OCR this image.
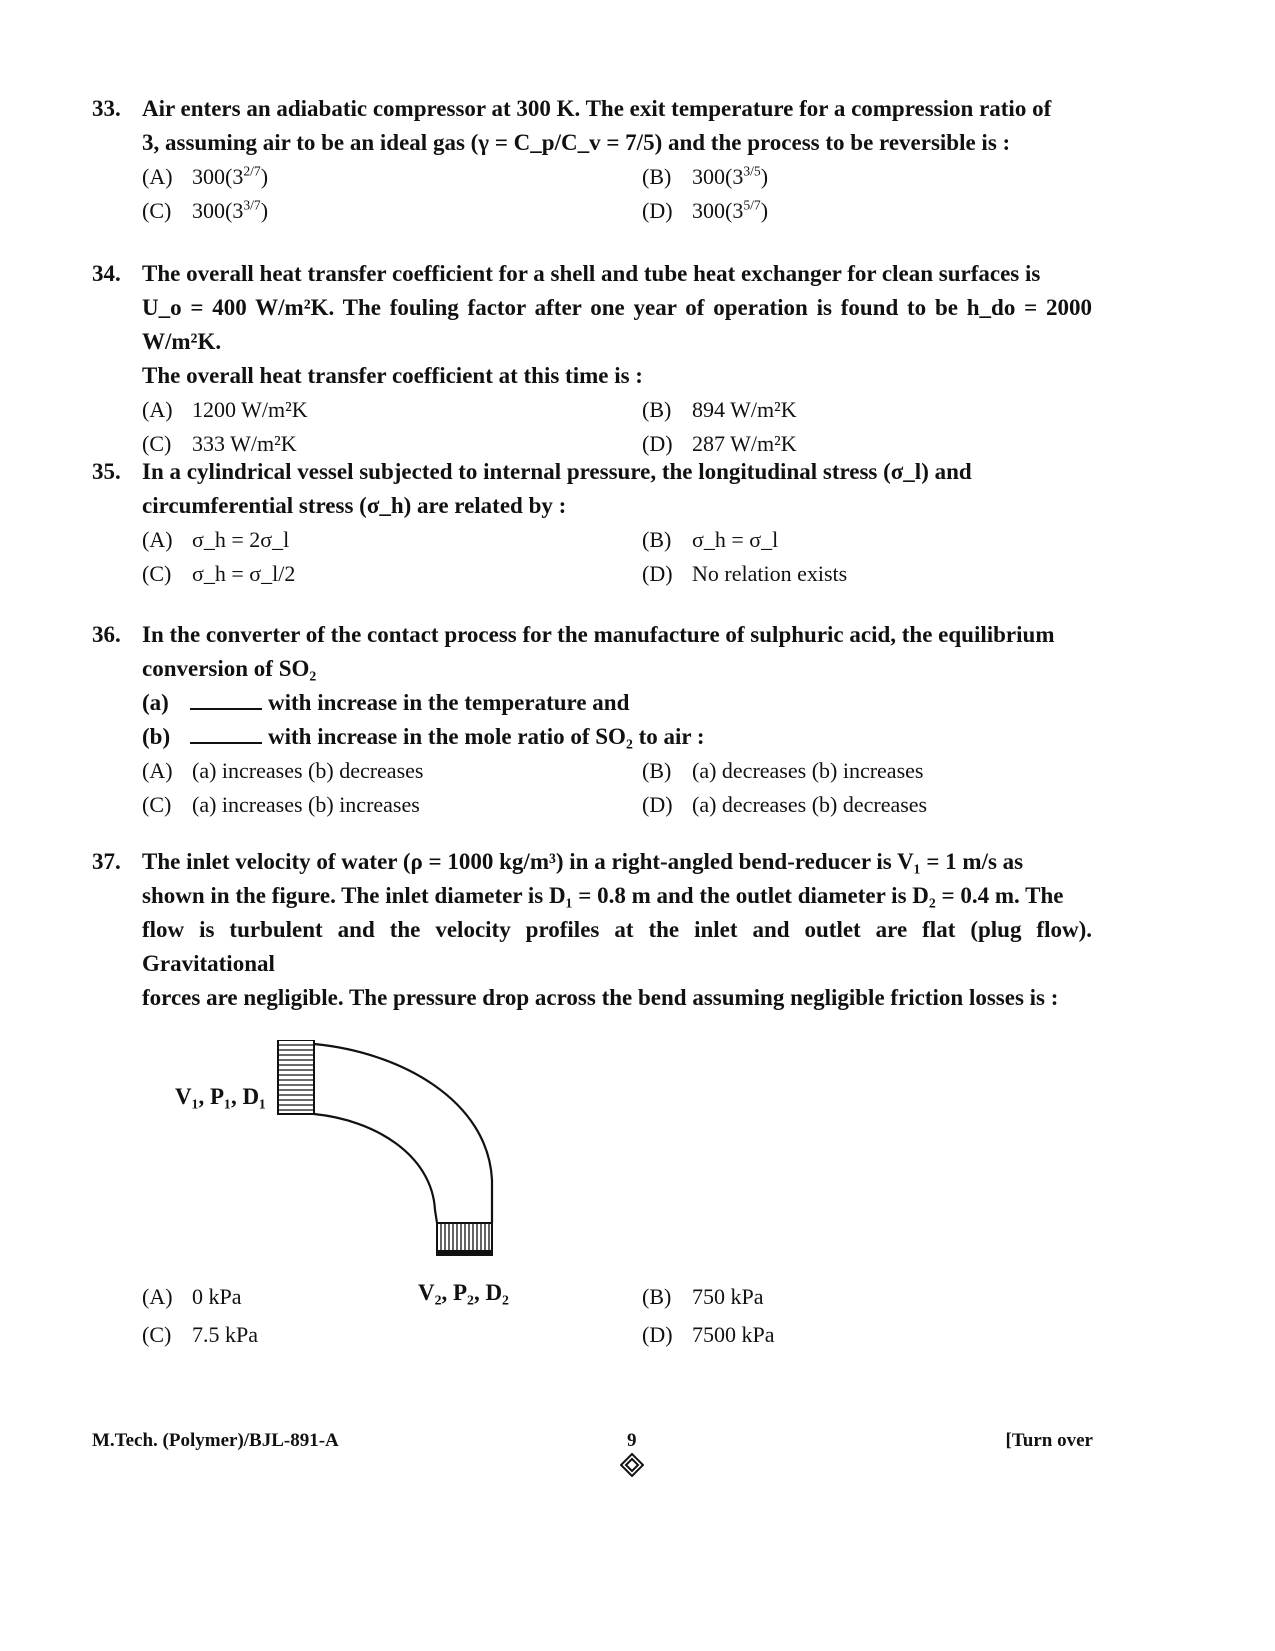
33. Air enters an adiabatic compressor at 300 K. The exit temperature for a compression ratio of
3, assuming air to be an ideal gas (γ = C_p/C_v = 7/5) and the process to be reversible is :
(A) $300(3^{2/7})$	(B) $300(3^{3/5})$
(C) $300(3^{3/7})$	(D) $300(3^{5/7})$
34. The overall heat transfer coefficient for a shell and tube heat exchanger for clean surfaces is
U_o = 400 W/m²K. The fouling factor after one year of operation is found to be h_do = 2000 W/m²K.
The overall heat transfer coefficient at this time is :
(A) 1200 W/m²K	(B) 894 W/m²K
(C) 333 W/m²K	(D) 287 W/m²K
35. In a cylindrical vessel subjected to internal pressure, the longitudinal stress (σ_l) and
circumferential stress (σ_h) are related by :
(A) σ_h = 2σ_l	(B) σ_h = σ_l
(C) σ_h = σ_l/2	(D) No relation exists
36. In the converter of the contact process for the manufacture of sulphuric acid, the equilibrium
conversion of SO₂
(a)	with increase in the temperature and
(b)	with increase in the mole ratio of SO₂ to air :
(A) (a) increases (b) decreases	(B) (a) decreases (b) increases
(C) (a) increases (b) increases	(D) (a) decreases (b) decreases
37. The inlet velocity of water (ρ = 1000 kg/m³) in a right-angled bend-reducer is V₁ = 1 m/s as
shown in the figure. The inlet diameter is D₁ = 0.8 m and the outlet diameter is D₂ = 0.4 m. The
flow is turbulent and the velocity profiles at the inlet and outlet are flat (plug flow). Gravitational
forces are negligible. The pressure drop across the bend assuming negligible friction losses is :
V₁, P₁, D₁
V₂, P₂, D₂
(A) 0 kPa	(B) 750 kPa
(C) 7.5 kPa	(D) 7500 kPa
M.Tech. (Polymer)/BJL-891-A	9	[Turn over
